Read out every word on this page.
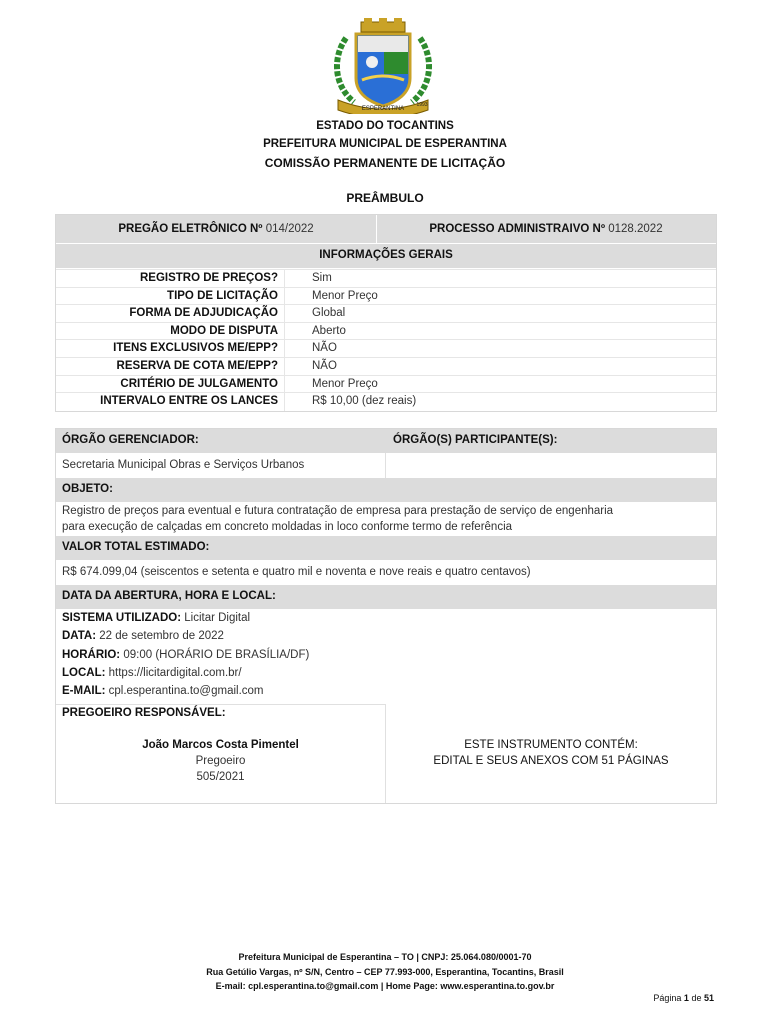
ESPERANTINA
1993
ESTADO DO TOCANTINS
PREFEITURA MUNICIPAL DE ESPERANTINA
COMISSÃO PERMANENTE DE LICITAÇÃO
PREÂMBULO
PREGÃO ELETRÔNICO Nº 014/2022	PROCESSO ADMINISTRAIVO Nº 0128.2022
INFORMAÇÕES GERAIS
REGISTRO DE PREÇOS?	Sim
TIPO DE LICITAÇÃO	Menor Preço
FORMA DE ADJUDICAÇÃO	Global
MODO DE DISPUTA	Aberto
ITENS EXCLUSIVOS ME/EPP?	NÃO
RESERVA DE COTA ME/EPP?	NÃO
CRITÉRIO DE JULGAMENTO	Menor Preço
INTERVALO ENTRE OS LANCES	R$ 10,00 (dez reais)
ÓRGÃO GERENCIADOR:	ÓRGÃO(S) PARTICIPANTE(S):
Secretaria Municipal Obras e Serviços Urbanos
OBJETO:
Registro de preços para eventual e futura contratação de empresa para prestação de serviço de engenharia
para execução de calçadas em concreto moldadas in loco conforme termo de referência
VALOR TOTAL ESTIMADO:
R$ 674.099,04 (seiscentos e setenta e quatro mil e noventa e nove reais e quatro centavos)
DATA DA ABERTURA, HORA E LOCAL:
SISTEMA UTILIZADO: Licitar Digital
DATA: 22 de setembro de 2022
HORÁRIO: 09:00 (HORÁRIO DE BRASÍLIA/DF)
LOCAL: https://licitardigital.com.br/
E-MAIL: cpl.esperantina.to@gmail.com
PREGOEIRO RESPONSÁVEL:
João Marcos Costa Pimentel
Pregoeiro
505/2021
ESTE INSTRUMENTO CONTÉM:
EDITAL E SEUS ANEXOS COM 51 PÁGINAS
Prefeitura Municipal de Esperantina – TO | CNPJ: 25.064.080/0001-70
Rua Getúlio Vargas, nº S/N, Centro – CEP 77.993-000, Esperantina, Tocantins, Brasil
E-mail: cpl.esperantina.to@gmail.com | Home Page: www.esperantina.to.gov.br
Página 1 de 51
